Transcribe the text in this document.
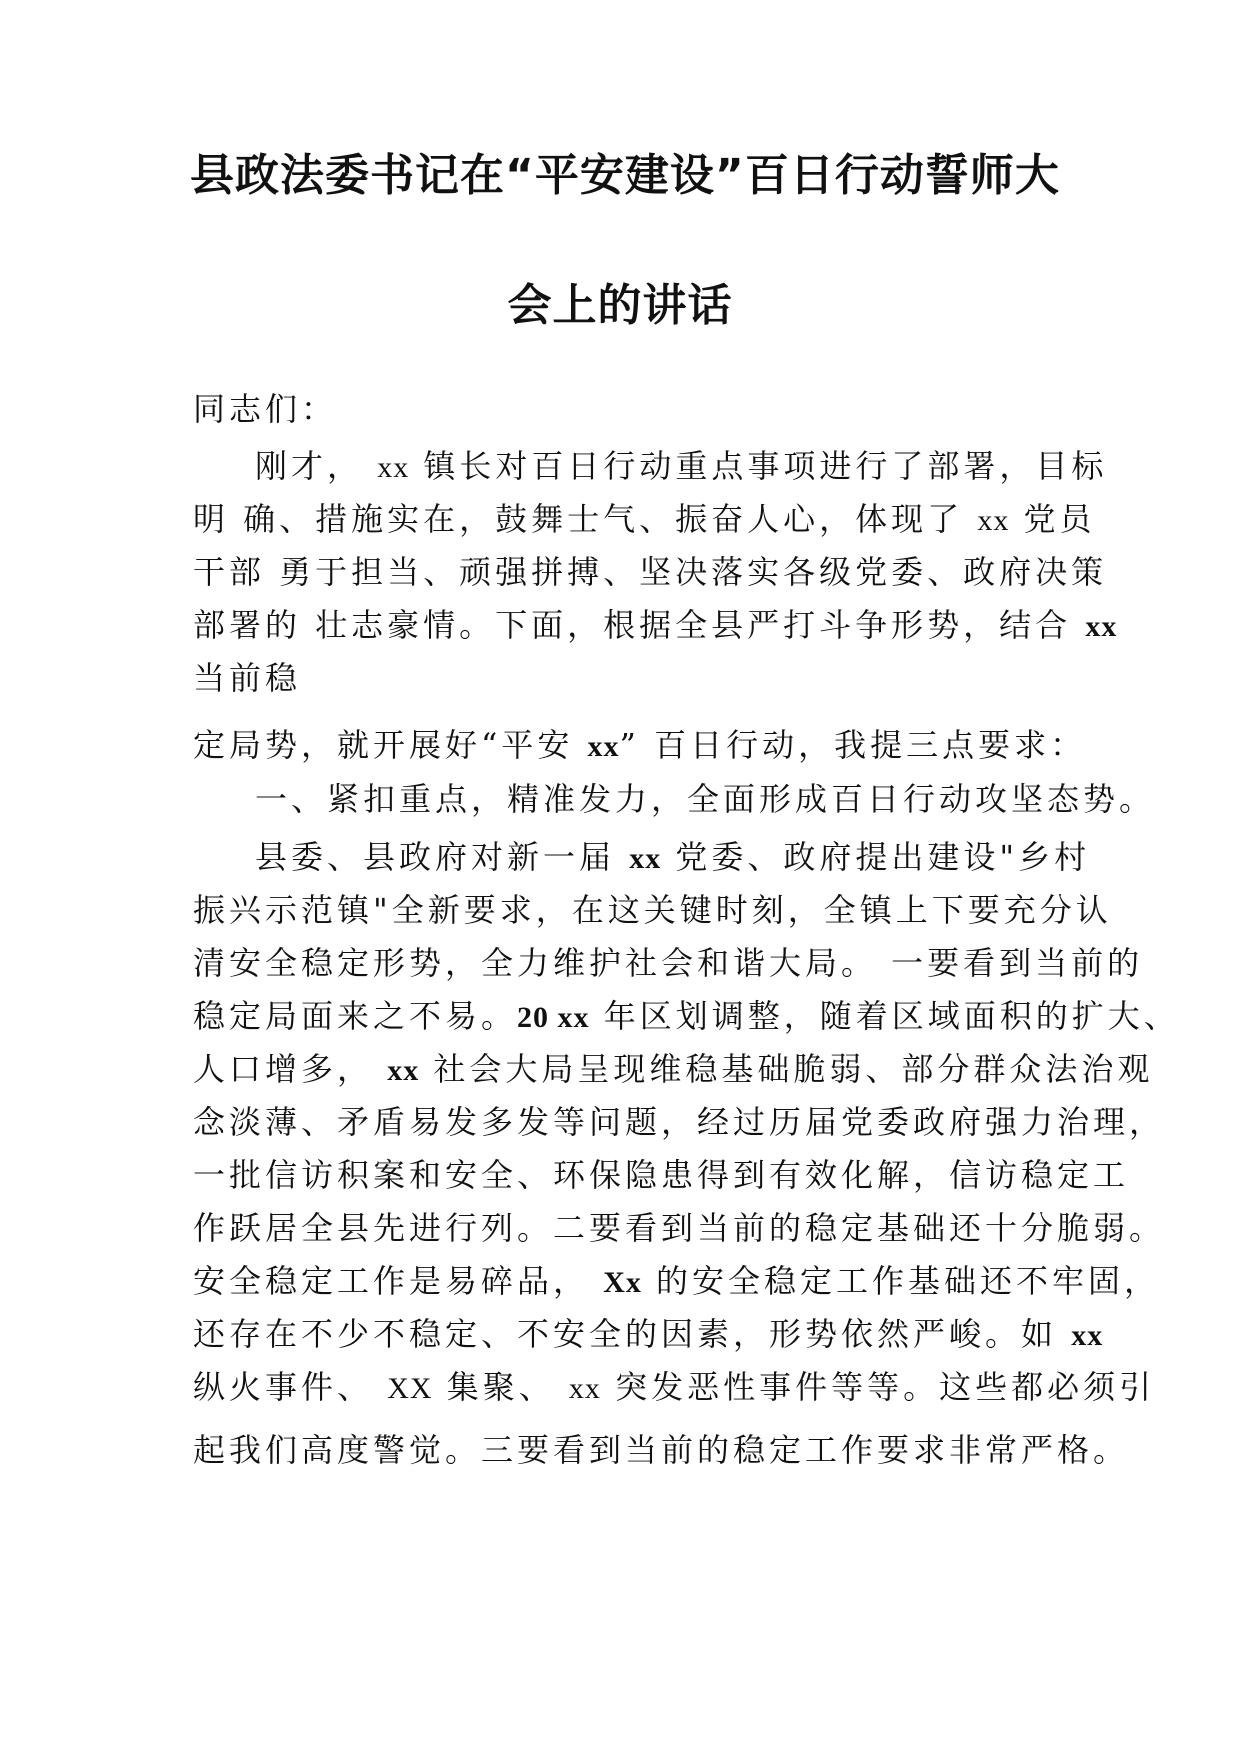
县政法委书记在“平安建设”百日行动誓师大
会上的讲话
同志们：
刚才， xx 镇长对百日行动重点事项进行了部署，目标
明 确、措施实在，鼓舞士气、振奋人心，体现了 xx 党员
干部 勇于担当、顽强拼搏、坚决落实各级党委、政府决策
部署的 壮志豪情。下面，根据全县严打斗争形势，结合 xx
当前稳
定局势，就开展好“平安 xx” 百日行动，我提三点要求：
一、紧扣重点，精准发力，全面形成百日行动攻坚态势。
县委、县政府对新一届 xx 党委、政府提出建设"乡村
振兴示范镇"全新要求，在这关键时刻，全镇上下要充分认
清安全稳定形势，全力维护社会和谐大局。 一要看到当前的
稳定局面来之不易。20 xx 年区划调整，随着区域面积的扩大、
人口增多， xx 社会大局呈现维稳基础脆弱、部分群众法治观
念淡薄、矛盾易发多发等问题，经过历届党委政府强力治理，
一批信访积案和安全、环保隐患得到有效化解，信访稳定工
作跃居全县先进行列。二要看到当前的稳定基础还十分脆弱。
安全稳定工作是易碎品， Xx 的安全稳定工作基础还不牢固，
还存在不少不稳定、不安全的因素，形势依然严峻。如 xx
纵火事件、 XX 集聚、 xx 突发恶性事件等等。这些都必须引
起我们高度警觉。三要看到当前的稳定工作要求非常严格。
